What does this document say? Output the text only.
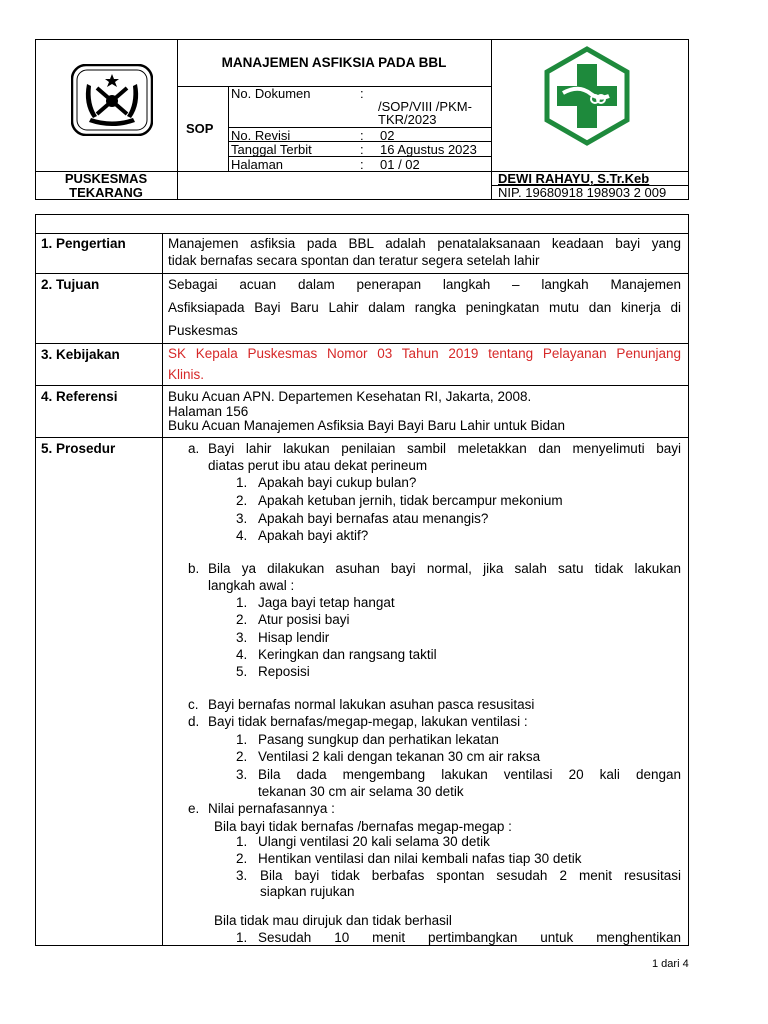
MANAJEMEN ASFIKSIA PADA BBL
SOP
No. Dokumen	:
/SOP/VIII /PKM-
TKR/2023
No. Revisi	: 02
Tanggal Terbit	: 16 Agustus 2023
Halaman	: 01 / 02
PUSKESMAS
TEKARANG
DEWI RAHAYU, S.Tr.Keb
NIP. 19680918 198903 2 009
1. Pengertian	Manajemen asfiksia pada BBL adalah penatalaksanaan keadaan bayi yang
tidak bernafas secara spontan dan teratur segera setelah lahir
2. Tujuan	Sebagai acuan dalam penerapan langkah – langkah Manajemen
Asfiksiapada Bayi Baru Lahir dalam rangka peningkatan mutu dan kinerja di
Puskesmas
3. Kebijakan	SK Kepala Puskesmas Nomor 03 Tahun 2019 tentang Pelayanan Penunjang
Klinis.
4. Referensi	Buku Acuan APN. Departemen Kesehatan RI, Jakarta, 2008.
Halaman 156
Buku Acuan Manajemen Asfiksia Bayi Bayi Baru Lahir untuk Bidan
5. Prosedur	a. Bayi lahir lakukan penilaian sambil meletakkan dan menyelimuti bayi
diatas perut ibu atau dekat perineum
1. Apakah bayi cukup bulan?
2. Apakah ketuban jernih, tidak bercampur mekonium
3. Apakah bayi bernafas atau menangis?
4. Apakah bayi aktif?
b. Bila ya dilakukan asuhan bayi normal, jika salah satu tidak lakukan
langkah awal :
1. Jaga bayi tetap hangat
2. Atur posisi bayi
3. Hisap lendir
4. Keringkan dan rangsang taktil
5. Reposisi
c. Bayi bernafas normal lakukan asuhan pasca resusitasi
d. Bayi tidak bernafas/megap-megap, lakukan ventilasi :
1. Pasang sungkup dan perhatikan lekatan
2. Ventilasi 2 kali dengan tekanan 30 cm air raksa
3. Bila dada mengembang lakukan ventilasi 20 kali dengan
tekanan 30 cm air selama 30 detik
e. Nilai pernafasannya :
Bila bayi tidak bernafas /bernafas megap-megap :
1. Ulangi ventilasi 20 kali selama 30 detik
2. Hentikan ventilasi dan nilai kembali nafas tiap 30 detik
3. Bila bayi tidak berbafas spontan sesudah 2 menit resusitasi
siapkan rujukan
Bila tidak mau dirujuk dan tidak berhasil
1. Sesudah 10 menit pertimbangkan untuk menghentikan
1 dari 4
